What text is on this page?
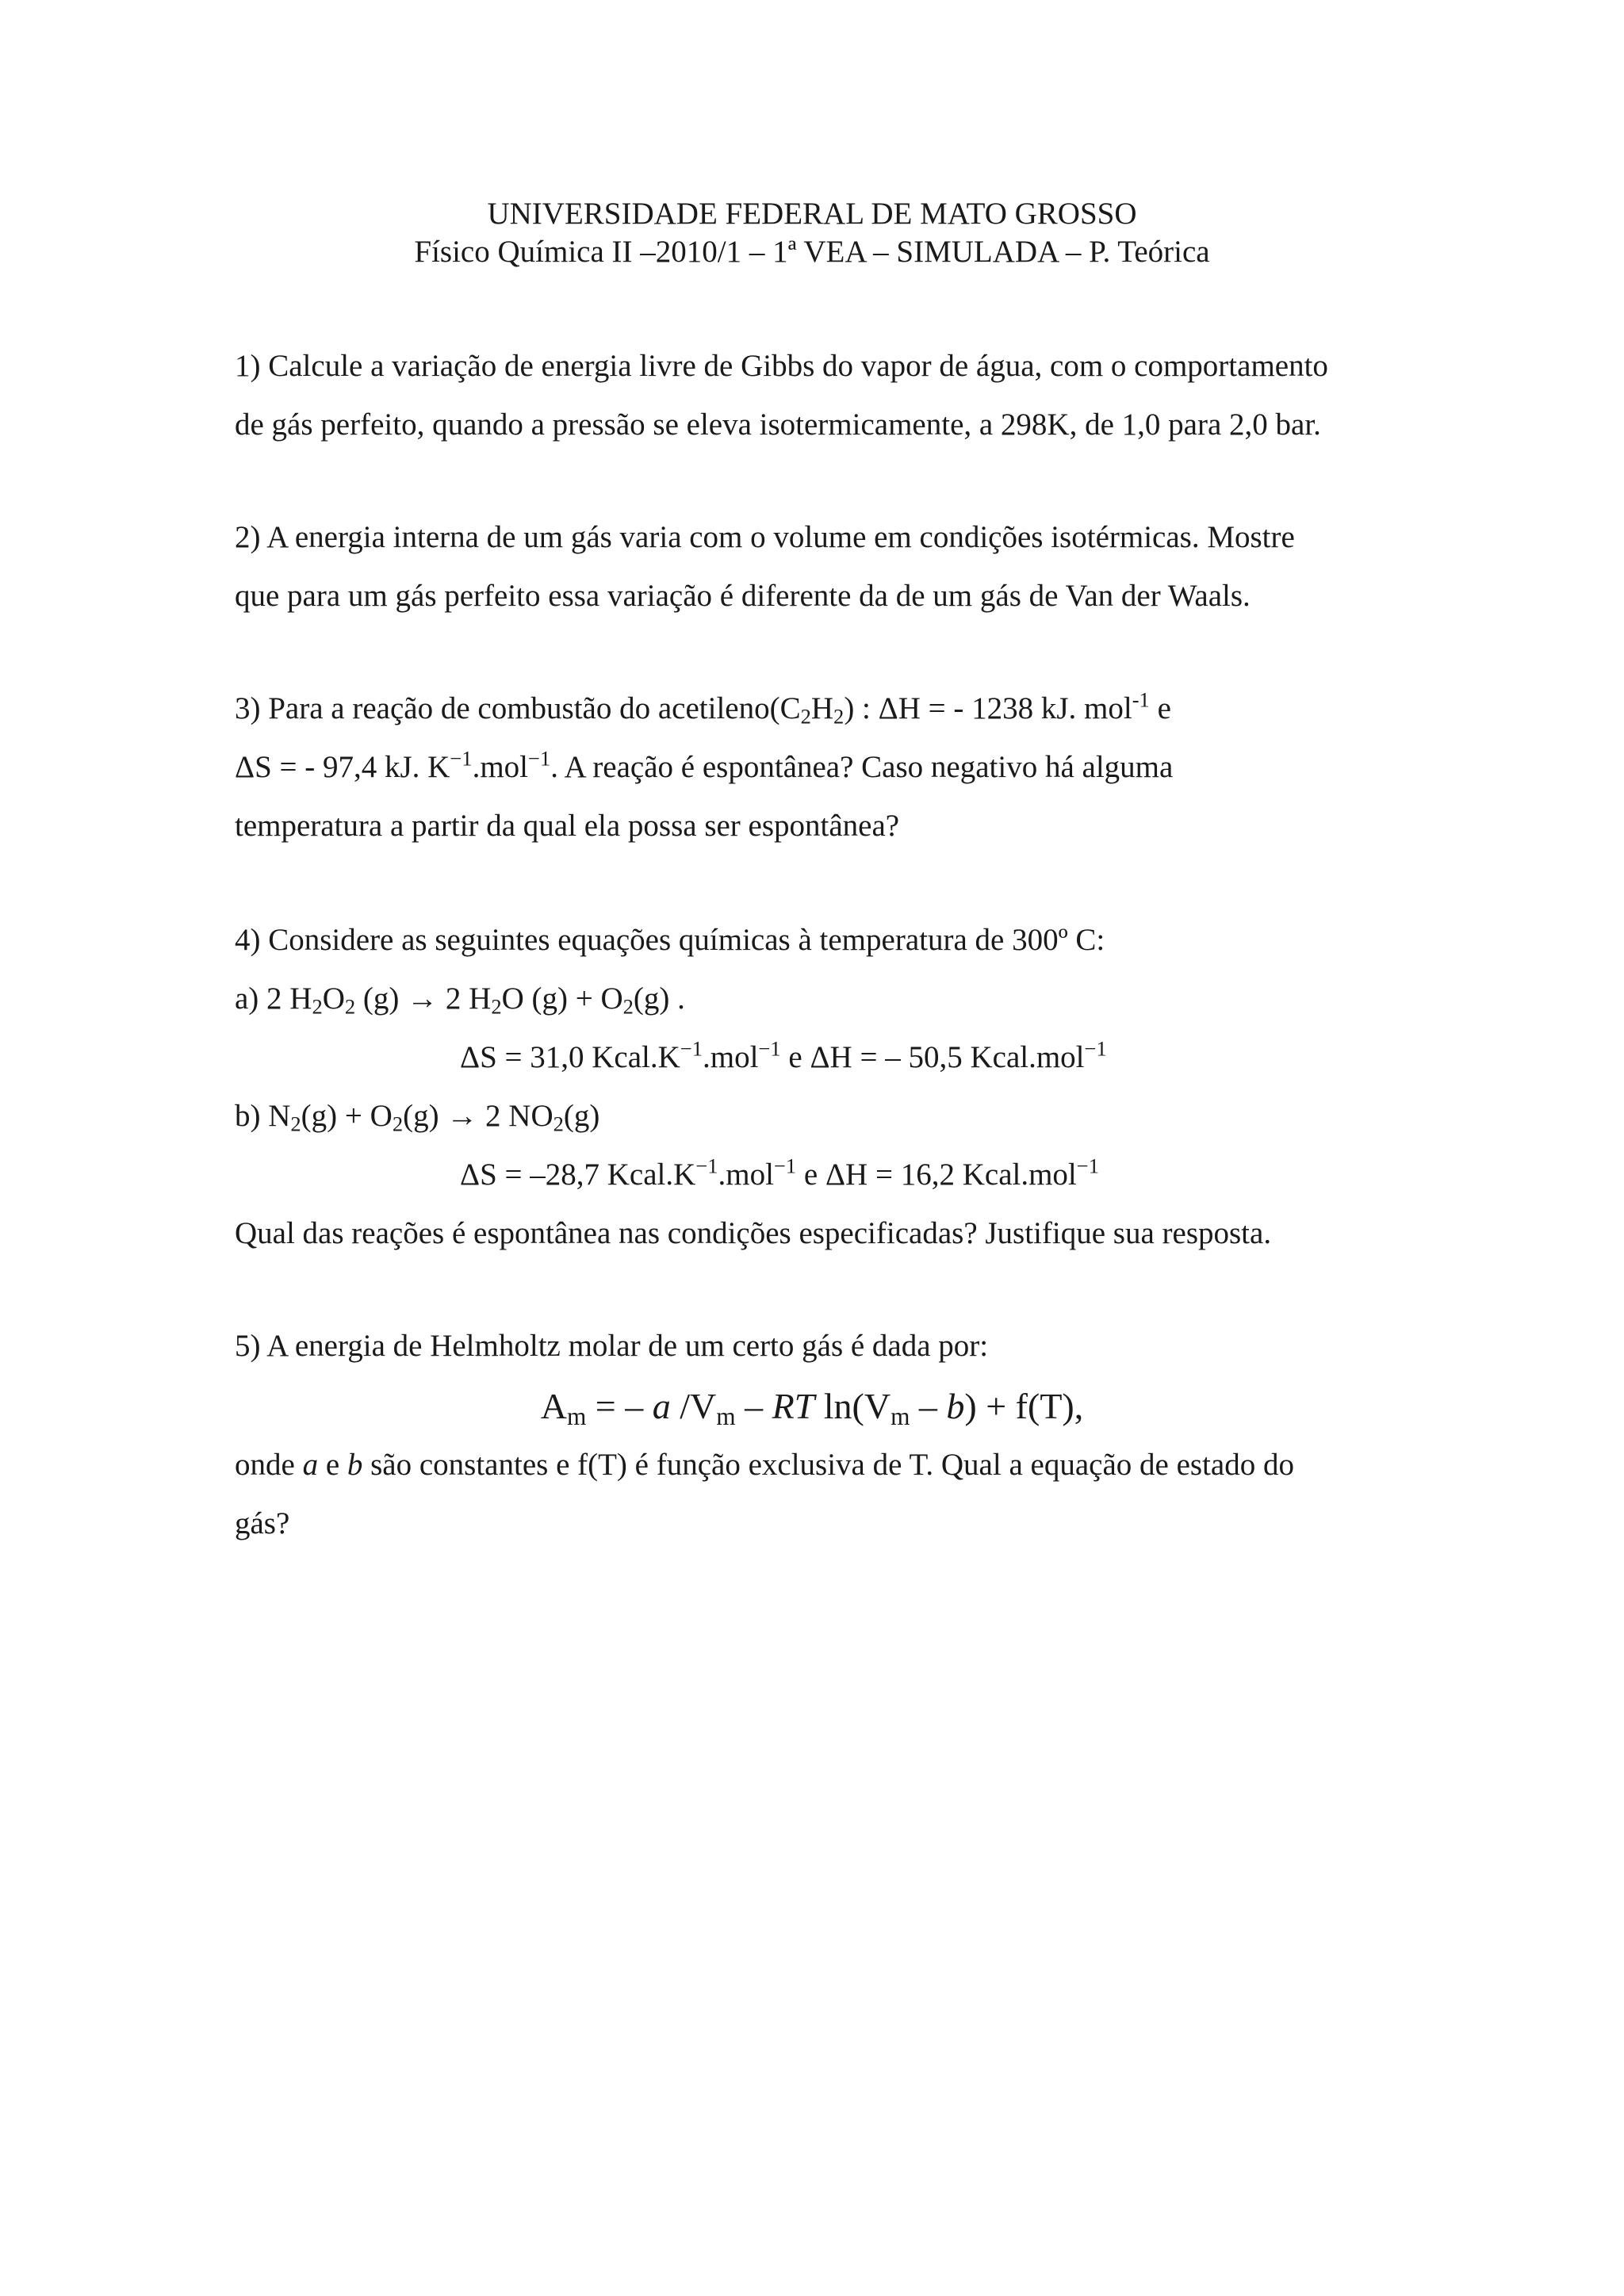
UNIVERSIDADE FEDERAL DE MATO GROSSO
Físico Química II –2010/1 – 1ª VEA – SIMULADA – P. Teórica
1) Calcule a variação de energia livre de Gibbs do vapor de água, com o comportamento
de gás perfeito, quando a pressão se eleva isotermicamente, a 298K, de 1,0 para 2,0 bar.
2) A energia interna de um gás varia com o volume em condições isotérmicas. Mostre
que para um gás perfeito essa variação é diferente da de um gás de Van der Waals.
3) Para a reação de combustão do $acetileno(C_2H_2)$ : ΔH = - 1238 kJ. mol$^{-1}$ e
ΔS = - 97,4 kJ. $K^{-1}.mol^{-1}$. A reação é espontânea? Caso negativo há alguma
temperatura a partir da qual ela possa ser espontânea?
4) Considere as seguintes equações químicas à temperatura de 300º C:
a) 2 $H_2O_2$ (g) → 2 $H_2O$ $(g) + O_2(g)$ .
ΔS = 31,0 $Kcal.K^{-1}.mol^{-1}$ e ΔH = – 50,5 Kcal.mol$^{-1}$
b) $N_2(g) + O_2(g) \to 2$ $NO_2(g)$
ΔS = –28,7 $Kcal.K^{-1}.mol^{-1}$ e ΔH = 16,2 Kcal.mol$^{-1}$
Qual das reações é espontânea nas condições especificadas? Justifique sua resposta.
5) A energia de Helmholtz molar de um certo gás é dada por:
$A_m$ = – a $/V_m$ – RT $\ln(V_m - b) + f(T)$,
onde a e b são constantes e f(T) é função exclusiva de T. Qual a equação de estado do
gás?
